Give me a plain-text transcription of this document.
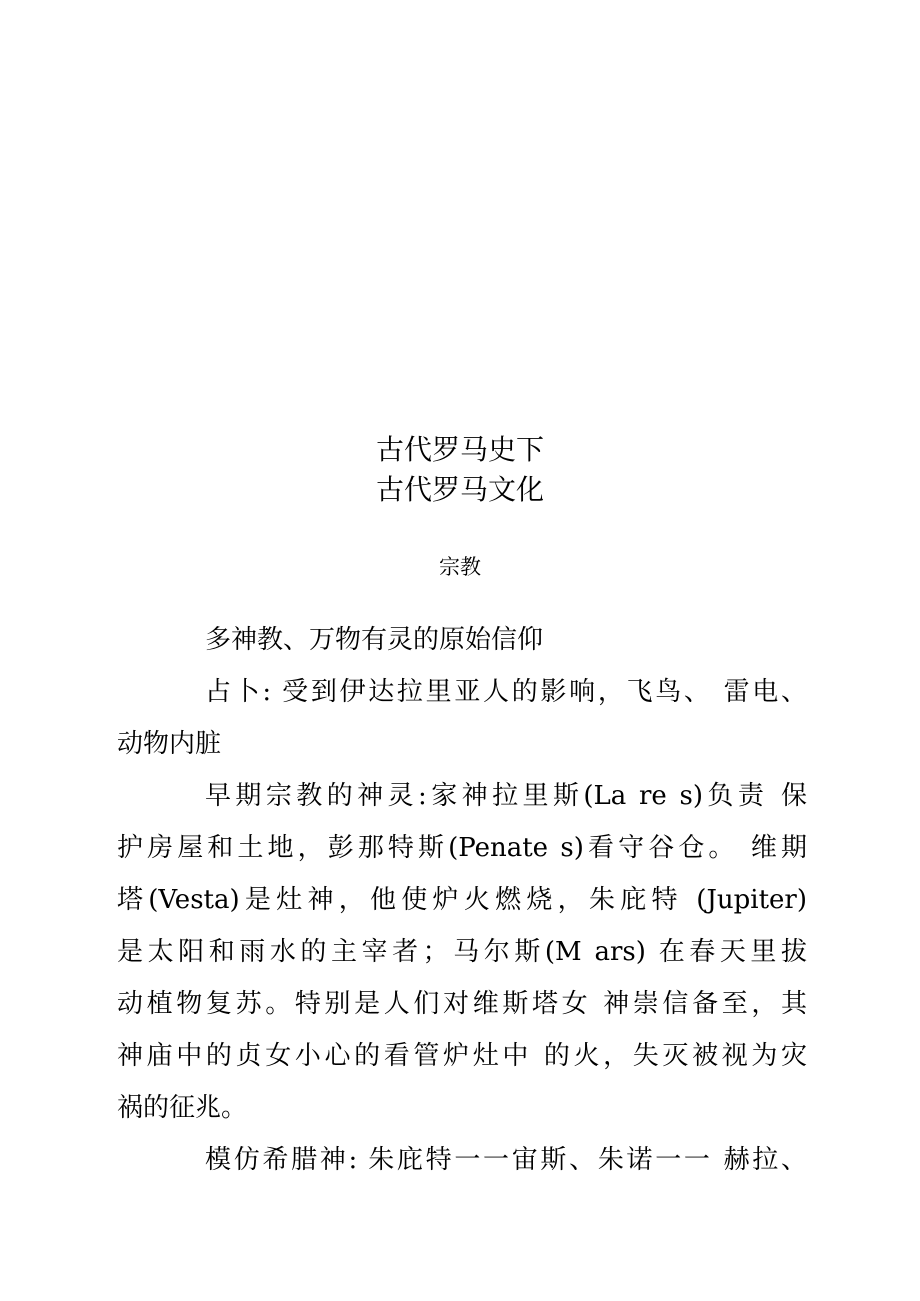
古代罗马史下
古代罗马文化
宗教
多神教、万物有灵的原始信仰
占卜: 受到伊达拉里亚人的影响，飞鸟、 雷电、
动物内脏
早期宗教的神灵:家神拉里斯(La re s)负责 保
护房屋和土地，彭那特斯(Penate s)看守谷仓。 维期
塔(Vesta)是灶神，他使炉火燃烧，朱庇特 (Jupiter)
是太阳和雨水的主宰者；马尔斯(M ars) 在春天里拔
动植物复苏。特别是人们对维斯塔女 神崇信备至，其
神庙中的贞女小心的看管炉灶中 的火，失灭被视为灾
祸的征兆。
模仿希腊神: 朱庇特一一宙斯、朱诺一一 赫拉、
